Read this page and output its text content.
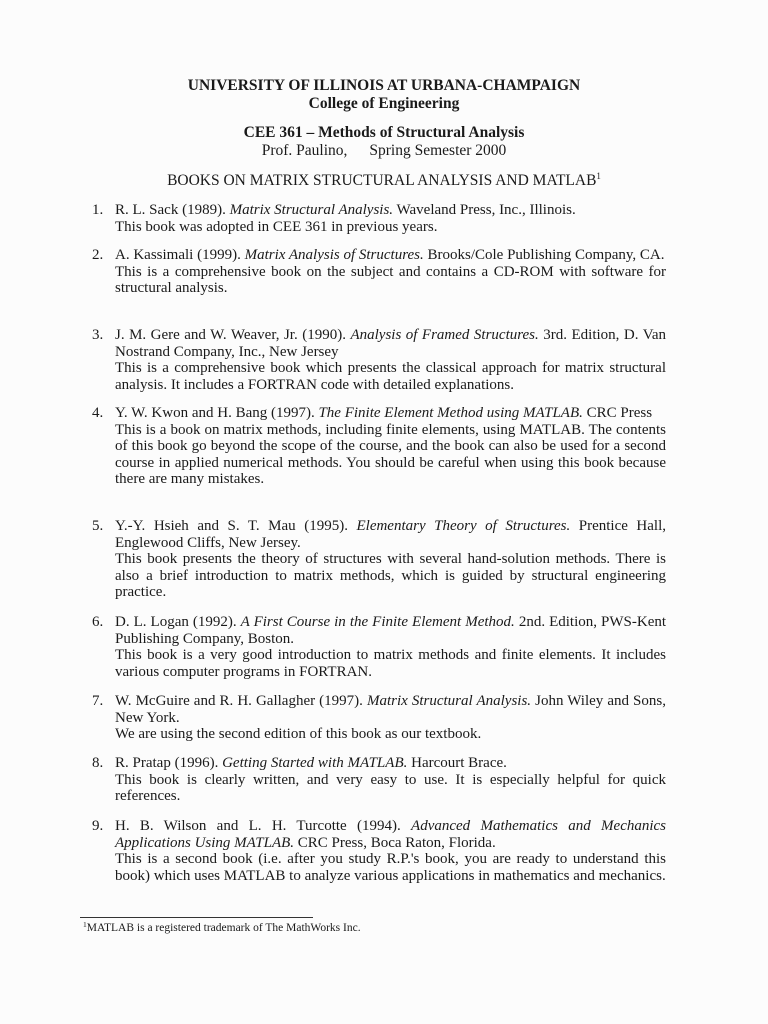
UNIVERSITY OF ILLINOIS AT URBANA-CHAMPAIGN
College of Engineering
CEE 361 – Methods of Structural Analysis
Prof. Paulino, Spring Semester 2000
BOOKS ON MATRIX STRUCTURAL ANALYSIS AND MATLAB$^1$
1. R. L. Sack (1989). Matrix Structural Analysis. Waveland Press, Inc., Illinois.
This book was adopted in CEE 361 in previous years.
2. A. Kassimali (1999). Matrix Analysis of Structures. Brooks/Cole Publishing Company, CA.
This is a comprehensive book on the subject and contains a CD-ROM with software for structural analysis.
3. J. M. Gere and W. Weaver, Jr. (1990). Analysis of Framed Structures. 3rd. Edition, D. Van Nostrand Company, Inc., New Jersey
This is a comprehensive book which presents the classical approach for matrix structural analysis. It includes a FORTRAN code with detailed explanations.
4. Y. W. Kwon and H. Bang (1997). The Finite Element Method using MATLAB. CRC Press
This is a book on matrix methods, including finite elements, using MATLAB. The contents of this book go beyond the scope of the course, and the book can also be used for a second course in applied numerical methods. You should be careful when using this book because there are many mistakes.
5. Y.-Y. Hsieh and S. T. Mau (1995). Elementary Theory of Structures. Prentice Hall, Englewood Cliffs, New Jersey.
This book presents the theory of structures with several hand-solution methods. There is also a brief introduction to matrix methods, which is guided by structural engineering practice.
6. D. L. Logan (1992). A First Course in the Finite Element Method. 2nd. Edition, PWS-Kent Publishing Company, Boston.
This book is a very good introduction to matrix methods and finite elements. It includes various computer programs in FORTRAN.
7. W. McGuire and R. H. Gallagher (1997). Matrix Structural Analysis. John Wiley and Sons, New York.
We are using the second edition of this book as our textbook.
8. R. Pratap (1996). Getting Started with MATLAB. Harcourt Brace.
This book is clearly written, and very easy to use. It is especially helpful for quick references.
9. H. B. Wilson and L. H. Turcotte (1994). Advanced Mathematics and Mechanics Applications Using MATLAB. CRC Press, Boca Raton, Florida.
This is a second book (i.e. after you study R.P.'s book, you are ready to understand this book) which uses MATLAB to analyze various applications in mathematics and mechanics.
$^1$MATLAB is a registered trademark of The MathWorks Inc.
